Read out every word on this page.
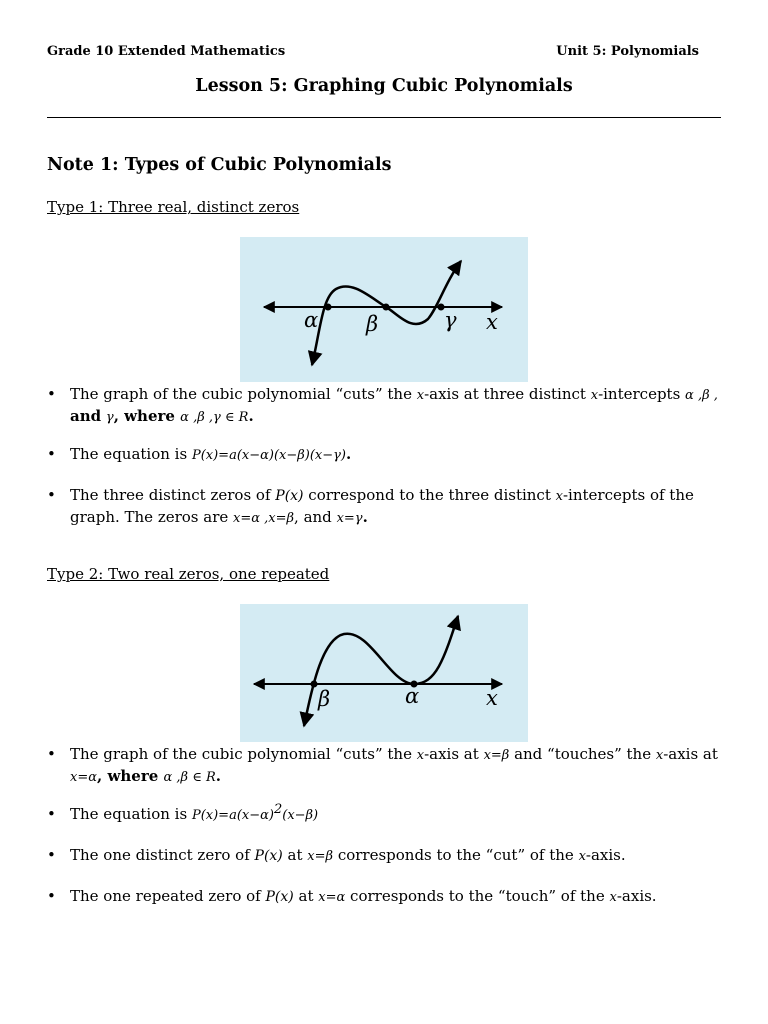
Grade 10 Extended Mathematics	Unit 5: Polynomials
Lesson 5: Graphing Cubic Polynomials
Note 1: Types of Cubic Polynomials
Type 1: Three real, distinct zeros
α β	γ x
• The graph of the cubic polynomial “cuts” the x-axis at three distinct x-intercepts α ,β ,
and γ, where α ,β ,γ ∈ R.
• The equation is P(x)=a(x−α)(x−β)(x−γ).
• The three distinct zeros of P(x) correspond to the three distinct x-intercepts of the graph. The zeros are x=α ,x=β, and x=γ.
Type 2: Two real zeros, one repeated
β	α	x
• The graph of the cubic polynomial “cuts” the x-axis at x=β and “touches” the x-axis at
x=α, where α ,β ∈ R.
• The equation is $P(x)=a(x-\alpha)^2(x-\beta)$
• The one distinct zero of P(x) at x=β corresponds to the “cut” of the x-axis.
• The one repeated zero of P(x) at x=α corresponds to the “touch” of the x-axis.
